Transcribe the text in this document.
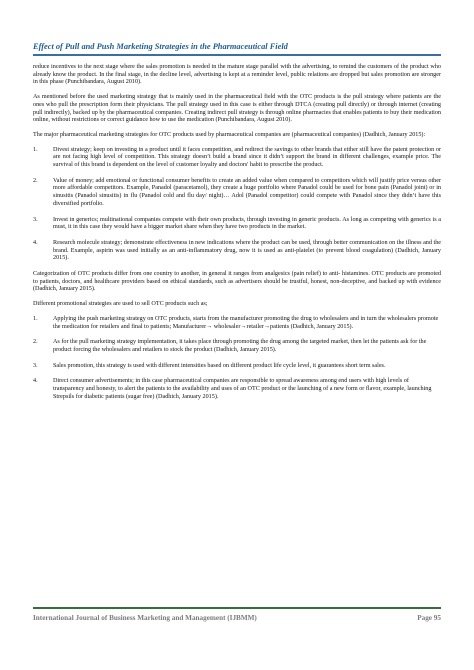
Effect of Pull and Push Marketing Strategies in the Pharmaceutical Field

reduce incentives to the next stage where the sales promotion is needed in the mature stage parallel with the advertising, to remind the customers of the product who already know the product. In the final stage, in the decline level, advertising is kept at a reminder level, public relations are dropped but sales promotion are stronger in this phase (Punchibandara, August 2010).

As mentioned before the used marketing strategy that is mainly used in the pharmaceutical field with the OTC products is the pull strategy where patients are the ones who pull the prescription form their physicians. The pull strategy used in this case is either through DTCA (creating pull directly) or through internet (creating pull indirectly), backed up by the pharmaceutical companies. Creating indirect pull strategy is through online pharmacies that enables patients to buy their medication online, without restrictions or correct guidance how to use the medication (Punchibandara, August 2010).

The major pharmaceutical marketing strategies for OTC products used by pharmaceutical companies are (pharmaceutical companies) (Dadhich, January 2015):

1.	Divest strategy; keep on investing in a product until it faces competition, and redirect the savings to other brands that either still have the patent protection or are not facing high level of competition. This strategy doesn’t build a brand since it didn’t support the brand in different challenges, example price. The survival of this brand is dependent on the level of customer loyalty and doctors' habit to prescribe the product.
2.	Value of money; add emotional or functional consumer benefits to create an added value when compared to competitors which will justify price versus other more affordable competitors. Example, Panadol (paracetamol), they create a huge portfolio where Panadol could be used for bone pain (Panadol joint) or in sinusitis (Panadol sinusitis) in flu (Panadol cold and flu day/ night)… Adol (Panadol competitor) could compete with Panadol since they didn’t have this diversified portfolio.
3.	Invest in generics; multinational companies compete with their own products, through investing in generic products. As long as competing with generics is a must, it in this case they would have a bigger market share when they have two products in the market.
4.	Research molecule strategy; demonstrate effectiveness in new indications where the product can be used, through better communication on the illness and the brand. Example, aspirin was used initially as an anti-inflammatory drug, now it is used as anti-platelet (to prevent blood coagulation) (Dadhich, January 2015).

Categorization of OTC products differ from one country to another, in general it ranges from analgesics (pain relief) to anti- histamines. OTC products are promoted to patients, doctors, and healthcare providers based on ethical standards, such as advertisers should be trustful, honest, non-deceptive, and backed up with evidence (Dadhich, January 2015).

Different promotional strategies are used to sell OTC products such as;

1.	Applying the push marketing strategy on OTC products, starts from the manufacturer promoting the drug to wholesalers and in turn the wholesalers promote the medication for retailers and final to patients; Manufacturer→ wholesaler→retailer→patients (Dadhich, January 2015).
2.	As for the pull marketing strategy implementation, it takes place through promoting the drug among the targeted market, then let the patients ask for the product forcing the wholesalers and retailers to stock the product (Dadhich, January 2015).
3.	Sales promotion, this strategy is used with different intensities based on different product life cycle level, it guarantees short term sales.
4.	Direct consumer advertisements; in this case pharmaceutical companies are responsible to spread awareness among end users with high levels of transparency and honesty, to alert the patients to the availability and uses of an OTC product or the launching of a new form or flavor, example, launching Strepsils for diabetic patients (sugar free) (Dadhich, January 2015).
International Journal of Business Marketing and Management (IJBMM)	Page 95
